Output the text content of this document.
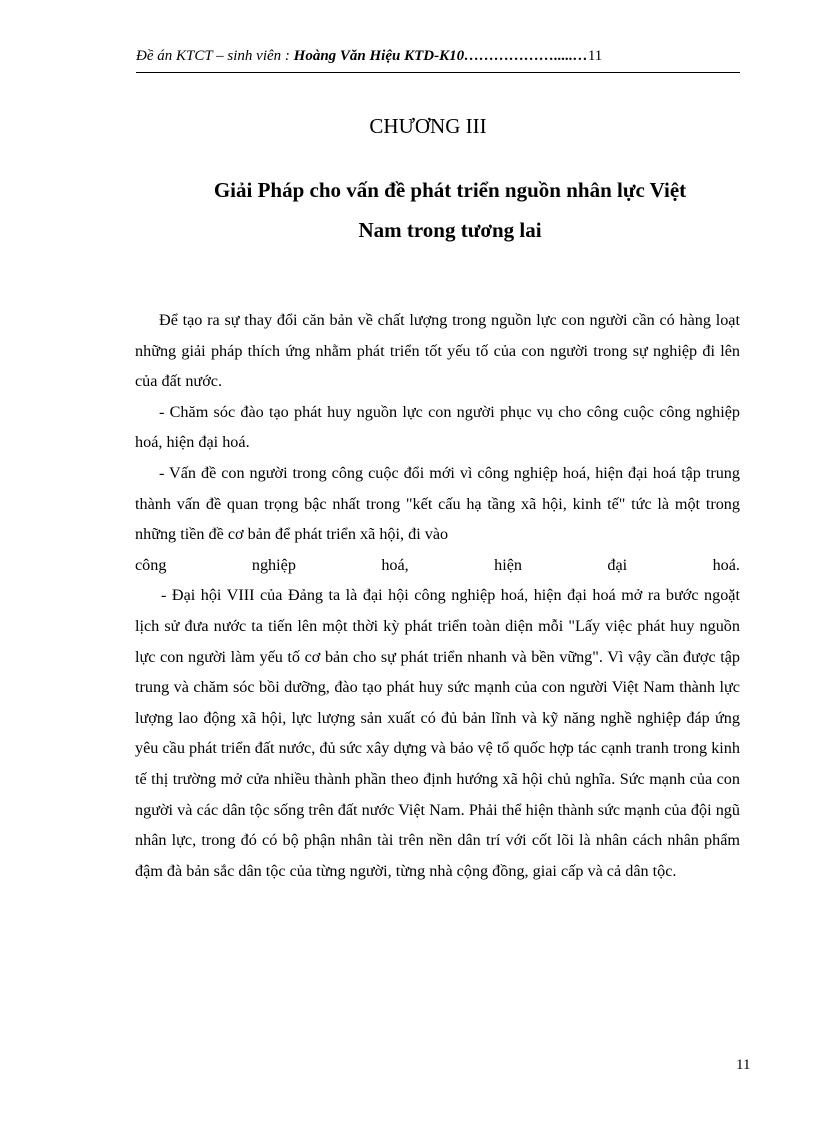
Đề án KTCT – sinh viên : Hoàng Văn Hiệu KTD-K10……………….....…11
CHƯƠNG III
Giải Pháp cho vấn đề phát triển nguồn nhân lực Việt
Nam trong tương lai

Để tạo ra sự thay đổi căn bản về chất lượng trong nguồn lực con người cần có hàng loạt những giải pháp thích ứng nhằm phát triển tốt yếu tố của con người trong sự nghiệp đi lên của đất nước.

- Chăm sóc đào tạo phát huy nguồn lực con người phục vụ cho công cuộc công nghiệp hoá, hiện đại hoá.

- Vấn đề con người trong công cuộc đổi mới vì công nghiệp hoá, hiện đại hoá tập trung thành vấn đề quan trọng bậc nhất trong "kết cấu hạ tầng xã hội, kinh tế" tức là một trong những tiền đề cơ bản để phát triển xã hội, đi vào

công	nghiệp	hoá,	hiện	đại	hoá.

- Đại hội VIII của Đảng ta là đại hội công nghiệp hoá, hiện đại hoá mở ra bước ngoặt lịch sử đưa nước ta tiến lên một thời kỳ phát triển toàn diện mỗi "Lấy việc phát huy nguồn lực con người làm yếu tố cơ bản cho sự phát triển nhanh và bền vững". Vì vậy cần được tập trung và chăm sóc bồi dưỡng, đào tạo phát huy sức mạnh của con người Việt Nam thành lực lượng lao động xã hội, lực lượng sản xuất có đủ bản lĩnh và kỹ năng nghề nghiệp đáp ứng yêu cầu phát triển đất nước, đủ sức xây dựng và bảo vệ tổ quốc hợp tác cạnh tranh trong kinh tế thị trường mở cửa nhiều thành phần theo định hướng xã hội chủ nghĩa. Sức mạnh của con người và các dân tộc sống trên đất nước Việt Nam. Phải thể hiện thành sức mạnh của đội ngũ nhân lực, trong đó có bộ phận nhân tài trên nền dân trí với cốt lõi là nhân cách nhân phẩm đậm đà bản sắc dân tộc của từng người, từng nhà cộng đồng, giai cấp và cả dân tộc.

11
